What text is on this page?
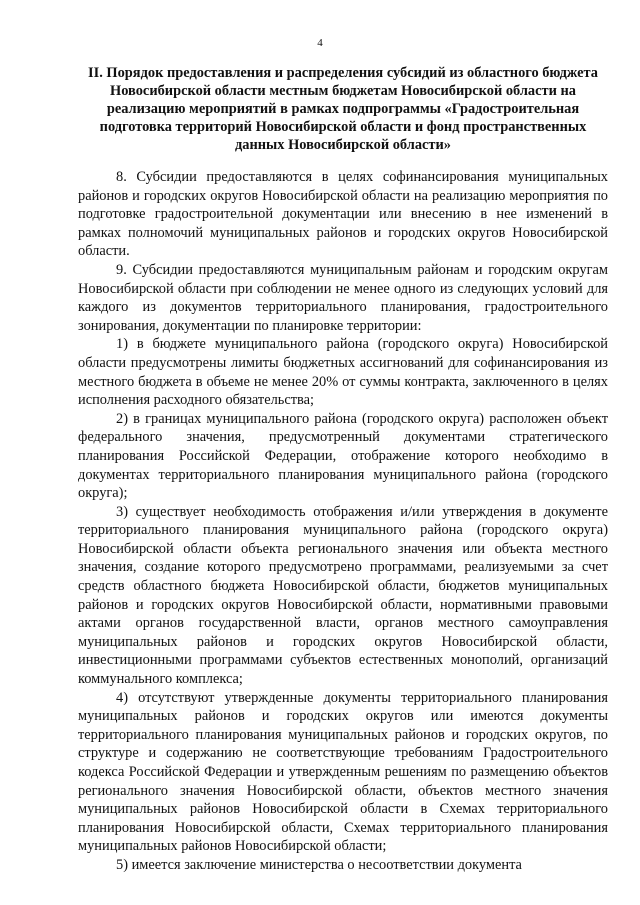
4
II. Порядок предоставления и распределения субсидий из областного бюджета Новосибирской области местным бюджетам Новосибирской области на реализацию мероприятий в рамках подпрограммы «Градостроительная подготовка территорий Новосибирской области и фонд пространственных данных Новосибирской области»

8. Субсидии предоставляются в целях софинансирования муниципальных районов и городских округов Новосибирской области на реализацию мероприятия по подготовке градостроительной документации или внесению в нее изменений в рамках полномочий муниципальных районов и городских округов Новосибирской области.

9. Субсидии предоставляются муниципальным районам и городским округам Новосибирской области при соблюдении не менее одного из следующих условий для каждого из документов территориального планирования, градостроительного зонирования, документации по планировке территории:

1) в бюджете муниципального района (городского округа) Новосибирской области предусмотрены лимиты бюджетных ассигнований для софинансирования из местного бюджета в объеме не менее 20% от суммы контракта, заключенного в целях исполнения расходного обязательства;

2) в границах муниципального района (городского округа) расположен объект федерального значения, предусмотренный документами стратегического планирования Российской Федерации, отображение которого необходимо в документах территориального планирования муниципального района (городского округа);

3) существует необходимость отображения и/или утверждения в документе территориального планирования муниципального района (городского округа) Новосибирской области объекта регионального значения или объекта местного значения, создание которого предусмотрено программами, реализуемыми за счет средств областного бюджета Новосибирской области, бюджетов муниципальных районов и городских округов Новосибирской области, нормативными правовыми актами органов государственной власти, органов местного самоуправления муниципальных районов и городских округов Новосибирской области, инвестиционными программами субъектов естественных монополий, организаций коммунального комплекса;

4) отсутствуют утвержденные документы территориального планирования муниципальных районов и городских округов или имеются документы территориального планирования муниципальных районов и городских округов, по структуре и содержанию не соответствующие требованиям Градостроительного кодекса Российской Федерации и утвержденным решениям по размещению объектов регионального значения Новосибирской области, объектов местного значения муниципальных районов Новосибирской области в Схемах территориального планирования Новосибирской области, Схемах территориального планирования муниципальных районов Новосибирской области;

5) имеется заключение министерства о несоответствии документа
